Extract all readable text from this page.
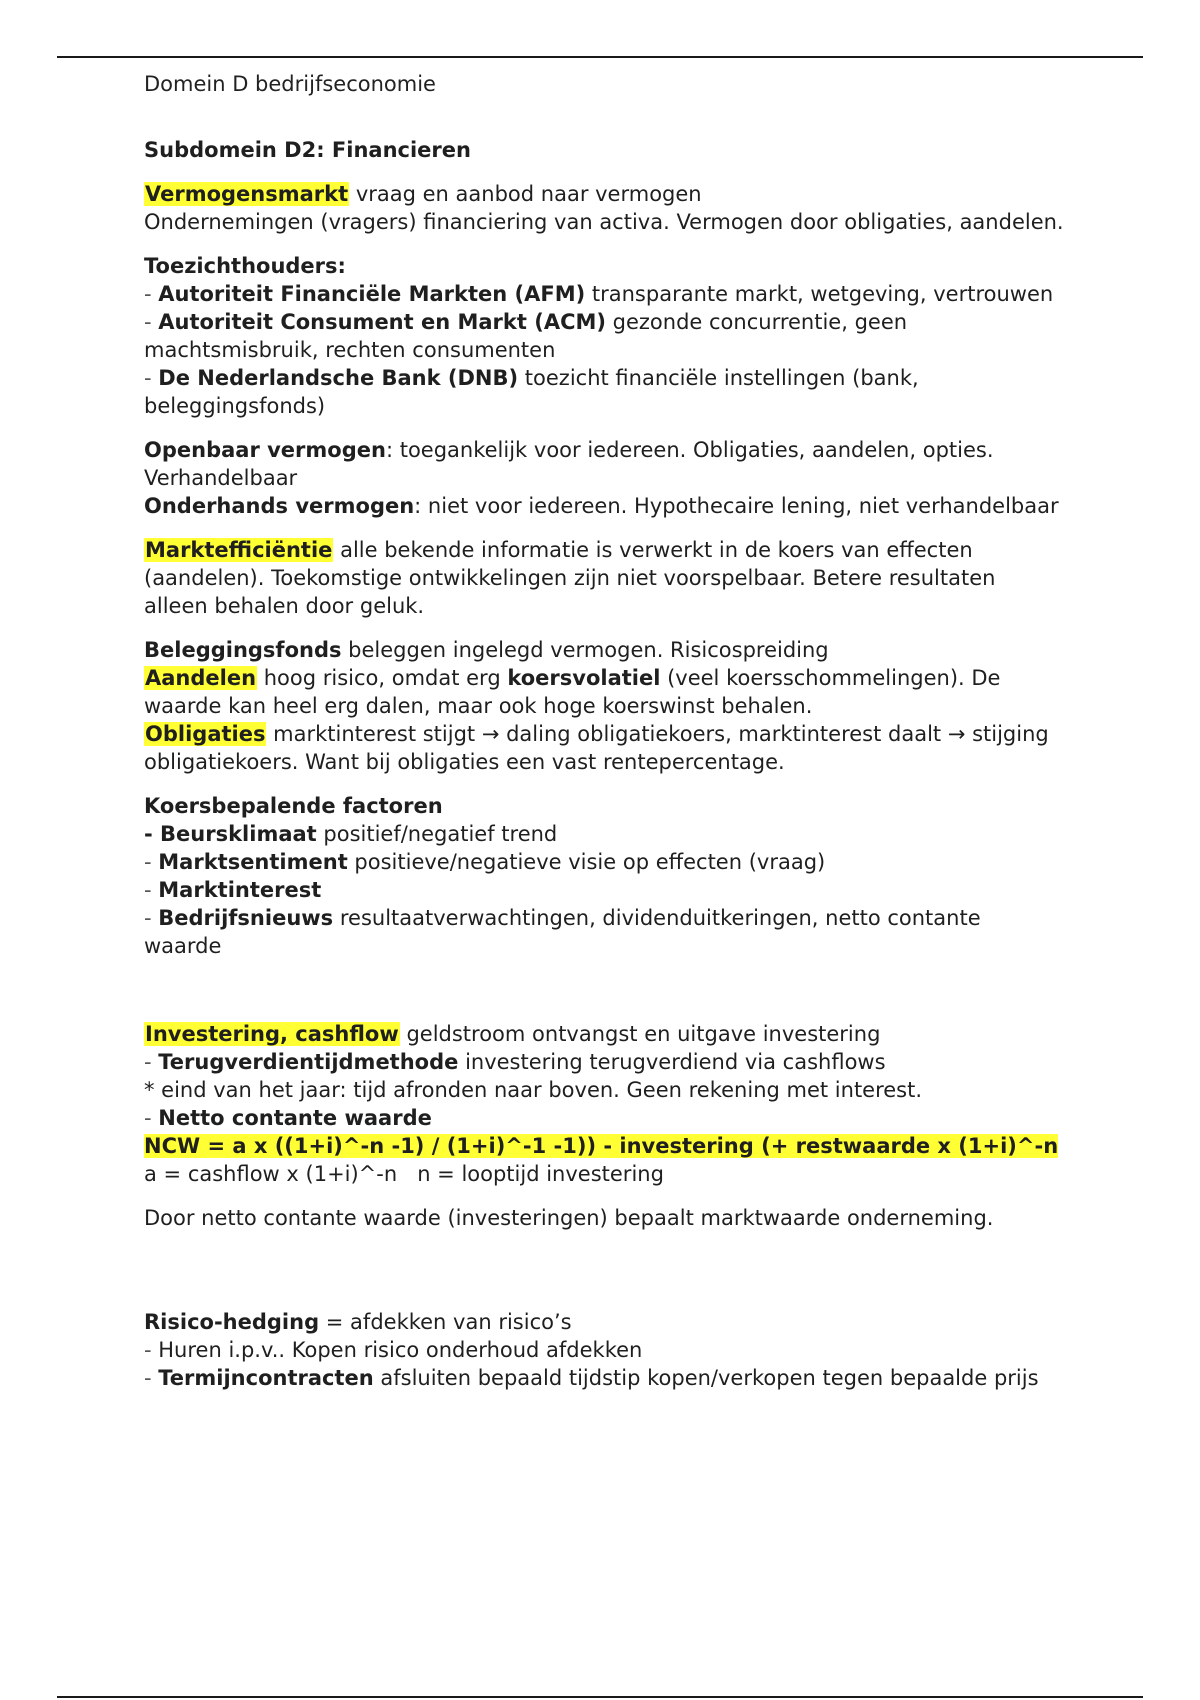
Domein D bedrijfseconomie

Subdomein D2: Financieren

Vermogensmarkt vraag en aanbod naar vermogen

Ondernemingen (vragers) financiering van activa. Vermogen door obligaties, aandelen.

Toezichthouders:

- Autoriteit Financiële Markten (AFM) transparante markt, wetgeving, vertrouwen

- Autoriteit Consument en Markt (ACM) gezonde concurrentie, geen machtsmisbruik, rechten consumenten

- De Nederlandsche Bank (DNB) toezicht financiële instellingen (bank, beleggingsfonds)

Openbaar vermogen: toegankelijk voor iedereen. Obligaties, aandelen, opties. Verhandelbaar

Onderhands vermogen: niet voor iedereen. Hypothecaire lening, niet verhandelbaar

Marktefficiëntie alle bekende informatie is verwerkt in de koers van effecten (aandelen). Toekomstige ontwikkelingen zijn niet voorspelbaar. Betere resultaten alleen behalen door geluk.

Beleggingsfonds beleggen ingelegd vermogen. Risicospreiding

Aandelen hoog risico, omdat erg koersvolatiel (veel koersschommelingen). De waarde kan heel erg dalen, maar ook hoge koerswinst behalen.

Obligaties marktinterest stijgt → daling obligatiekoers, marktinterest daalt → stijging obligatiekoers. Want bij obligaties een vast rentepercentage.

Koersbepalende factoren

- Beursklimaat positief/negatief trend

- Marktsentiment positieve/negatieve visie op effecten (vraag)

- Marktinterest

- Bedrijfsnieuws resultaatverwachtingen, dividenduitkeringen, netto contante waarde

Investering, cashflow geldstroom ontvangst en uitgave investering

- Terugverdientijdmethode investering terugverdiend via cashflows

* eind van het jaar: tijd afronden naar boven. Geen rekening met interest.

- Netto contante waarde

NCW = a x ((1+i)^-n -1) / (1+i)^-1 -1)) - investering (+ restwaarde x (1+i)^-n

a = cashflow x (1+i)^-n   n = looptijd investering

Door netto contante waarde (investeringen) bepaalt marktwaarde onderneming.

Risico-hedging = afdekken van risico’s

- Huren i.p.v.. Kopen risico onderhoud afdekken

- Termijncontracten afsluiten bepaald tijdstip kopen/verkopen tegen bepaalde prijs
